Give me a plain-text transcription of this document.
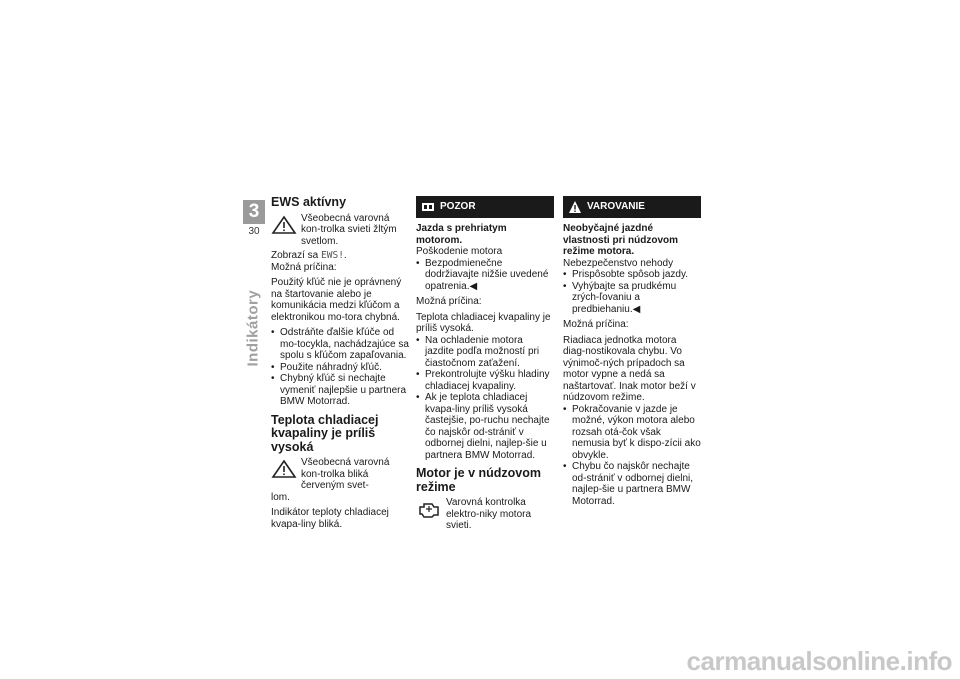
3
30
Indikátory
EWS aktívny
Všeobecná varovná kon-trolka svieti žltým svetlom.

Zobrazí sa EWS!.
Možná príčina:

Použitý kľúč nie je oprávnený na štartovanie alebo je komunikácia medzi kľúčom a elektronikou mo-tora chybná.

• Odstráňte ďalšie kľúče od mo-tocykla, nachádzajúce sa spolu s kľúčom zapaľovania.
• Použite náhradný kľúč.
• Chybný kľúč si nechajte vymeniť najlepšie u partnera BMW Motorrad.
Teplota chladiacej kvapaliny je príliš vysoká
Všeobecná varovná kon-trolka bliká červeným svet-

lom.

Indikátor teploty chladiacej kvapa-liny bliká.

POZOR

Jazda s prehriatym motorom.
Poškodenie motora

• Bezpodmienečne dodržiavajte nižšie uvedené opatrenia.◀

Možná príčina:

Teplota chladiacej kvapaliny je príliš vysoká.

• Na ochladenie motora jazdite podľa možností pri čiastočnom zaťažení.
• Prekontrolujte výšku hladiny chladiacej kvapaliny.
• Ak je teplota chladiacej kvapa-liny príliš vysoká častejšie, po-ruchu nechajte čo najskôr od-strániť v odbornej dielni, najlep-šie u partnera BMW Motorrad.
Motor je v núdzovom režime
Varovná kontrolka elektro-niky motora svieti.
VAROVANIE

Neobyčajné jazdné vlastnosti pri núdzovom režime motora.
Nebezpečenstvo nehody

• Prispôsobte spôsob jazdy.
• Vyhýbajte sa prudkému zrých-ľovaniu a predbiehaniu.◀

Možná príčina:

Riadiaca jednotka motora diag-nostikovala chybu. Vo výnimoč-ných prípadoch sa motor vypne a nedá sa naštartovať. Inak motor beží v núdzovom režime.

• Pokračovanie v jazde je možné, výkon motora alebo rozsah otá-čok však nemusia byť k dispo-zícii ako obvykle.
• Chybu čo najskôr nechajte od-strániť v odbornej dielni, najlep-šie u partnera BMW Motorrad.
carmanualsonline.info
